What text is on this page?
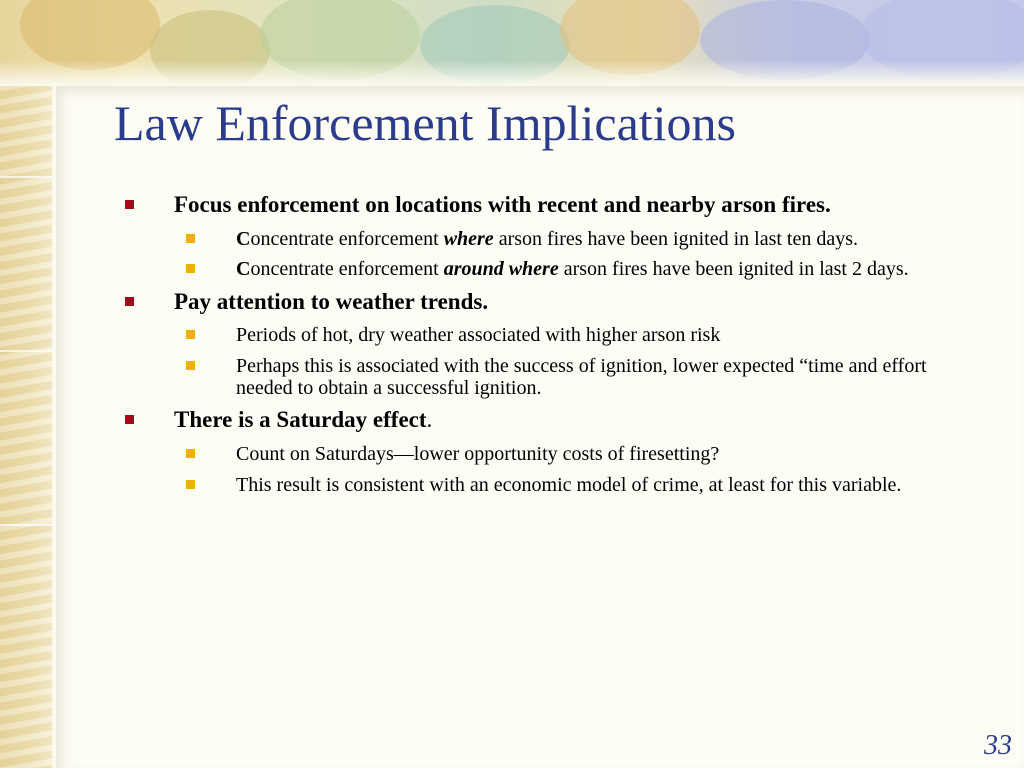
Law Enforcement Implications
Focus enforcement on locations with recent and nearby arson fires.
Concentrate enforcement where arson fires have been ignited in last ten days.
Concentrate enforcement around where arson fires have been ignited in last 2 days.
Pay attention to weather trends.
Periods of hot, dry weather associated with higher arson risk
Perhaps this is associated with the success of ignition, lower expected “time and effort needed to obtain a successful ignition.
There is a Saturday effect.
Count on Saturdays—lower opportunity costs of firesetting?
This result is consistent with an economic model of crime, at least for this variable.
33
